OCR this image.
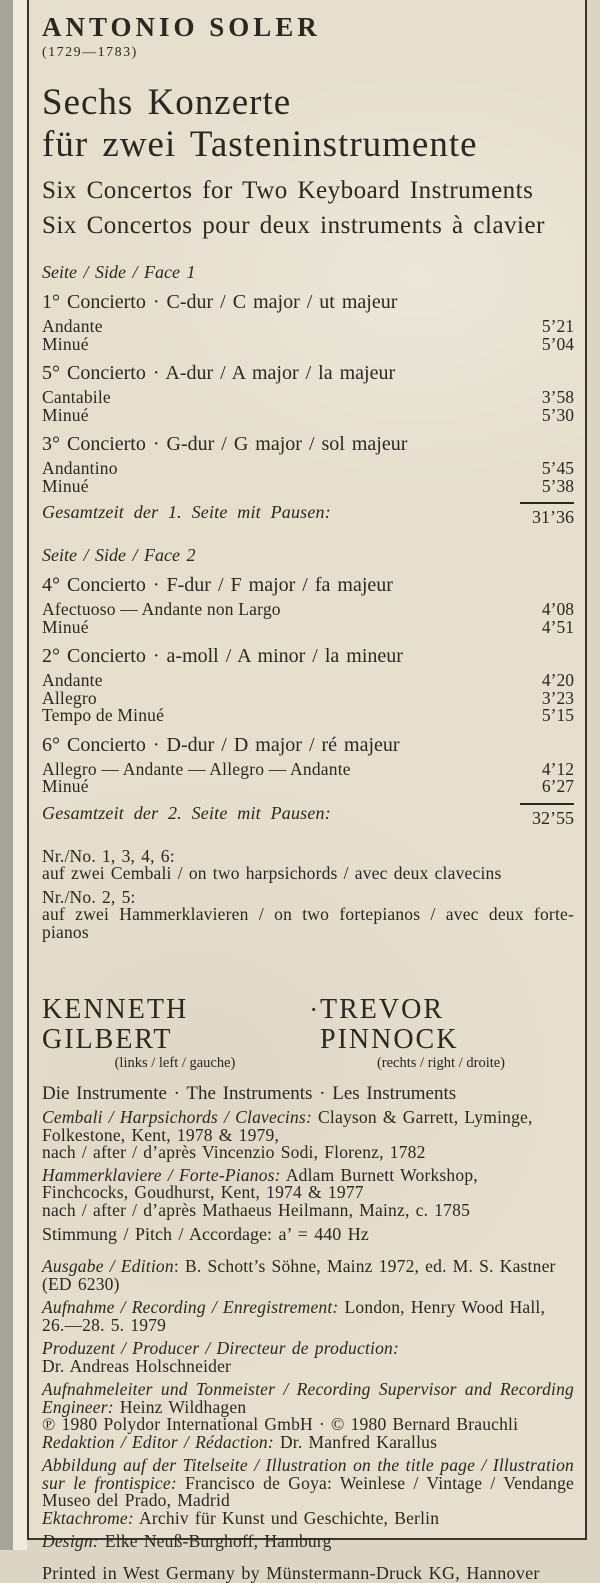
ANTONIO SOLER
(1729—1783)
Sechs Konzerte
für zwei Tasteninstrumente
Six Concertos for Two Keyboard Instruments
Six Concertos pour deux instruments à clavier
Seite / Side / Face 1
1° Concierto · C-dur / C major / ut majeur
Andante	5’21
Minué	5’04
5° Concierto · A-dur / A major / la majeur
Cantabile	3’58
Minué	5’30
3° Concierto · G-dur / G major / sol majeur
Andantino	5’45
Minué	5’38
Gesamtzeit der 1. Seite mit Pausen:	31’36
Seite / Side / Face 2
4° Concierto · F-dur / F major / fa majeur
Afectuoso — Andante non Largo	4’08
Minué	4’51
2° Concierto · a-moll / A minor / la mineur
Andante	4’20
Allegro	3’23
Tempo de Minué	5’15
6° Concierto · D-dur / D major / ré majeur
Allegro — Andante — Allegro — Andante	4’12
Minué	6’27
Gesamtzeit der 2. Seite mit Pausen:	32’55
Nr./No. 1, 3, 4, 6:
auf zwei Cembali / on two harpsichords / avec deux clavecins
Nr./No. 2, 5:
auf zwei Hammerklavieren / on two fortepianos / avec deux forte-
pianos
KENNETH GILBERT
· TREVOR PINNOCK
(links / left / gauche)	(rechts / right / droite)
Die Instrumente · The Instruments · Les Instruments
Cembali / Harpsichords / Clavecins: Clayson & Garrett, Lyminge,
Folkestone, Kent, 1978 & 1979,
nach / after / d’après Vincenzio Sodi, Florenz, 1782
Hammerklaviere / Forte-Pianos: Adlam Burnett Workshop,
Finchcocks, Goudhurst, Kent, 1974 & 1977
nach / after / d’après Mathaeus Heilmann, Mainz, c. 1785
Stimmung / Pitch / Accordage: a’ = 440 Hz
Ausgabe / Edition: B. Schott’s Söhne, Mainz 1972, ed. M. S. Kastner
(ED 6230)
Aufnahme / Recording / Enregistrement: London, Henry Wood Hall,
26.—28. 5. 1979
Produzent / Producer / Directeur de production:
Dr. Andreas Holschneider
Aufnahmeleiter und Tonmeister / Recording Supervisor and Recording
Engineer: Heinz Wildhagen
℗ 1980 Polydor International GmbH · © 1980 Bernard Brauchli
Redaktion / Editor / Rédaction: Dr. Manfred Karallus
Abbildung auf der Titelseite / Illustration on the title page / Illustration
sur le frontispice: Francisco de Goya: Weinlese / Vintage / Vendange
Museo del Prado, Madrid
Ektachrome: Archiv für Kunst und Geschichte, Berlin
Design: Elke Neuß-Burghoff, Hamburg
Printed in West Germany by Münstermann-Druck KG, Hannover
